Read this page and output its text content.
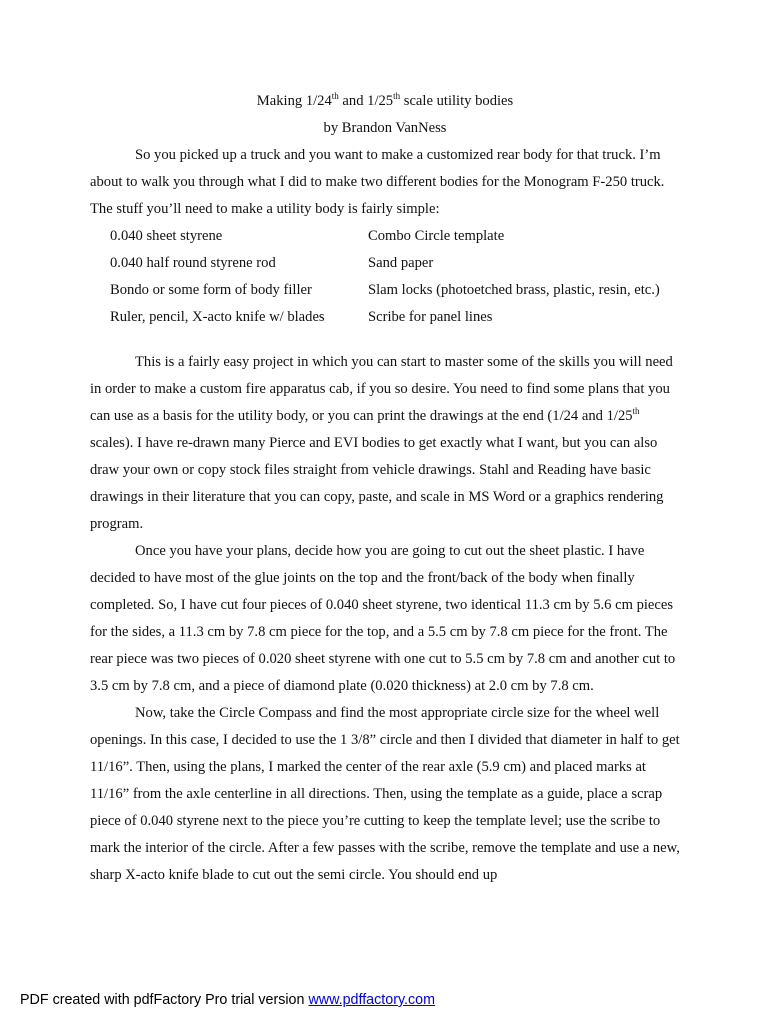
Making 1/24th and 1/25th scale utility bodies

by Brandon VanNess

So you picked up a truck and you want to make a customized rear body for that truck. I’m about to walk you through what I did to make two different bodies for the Monogram F-250 truck. The stuff you’ll need to make a utility body is fairly simple:

0.040 sheet styrene	Combo Circle template
0.040 half round styrene rod	Sand paper
Bondo or some form of body filler	Slam locks (photoetched brass, plastic, resin, etc.)
Ruler, pencil, X-acto knife w/ blades	Scribe for panel lines

This is a fairly easy project in which you can start to master some of the skills you will need in order to make a custom fire apparatus cab, if you so desire. You need to find some plans that you can use as a basis for the utility body, or you can print the drawings at the end (1/24 and 1/25th scales). I have re-drawn many Pierce and EVI bodies to get exactly what I want, but you can also draw your own or copy stock files straight from vehicle drawings. Stahl and Reading have basic drawings in their literature that you can copy, paste, and scale in MS Word or a graphics rendering program.

Once you have your plans, decide how you are going to cut out the sheet plastic. I have decided to have most of the glue joints on the top and the front/back of the body when finally completed. So, I have cut four pieces of 0.040 sheet styrene, two identical 11.3 cm by 5.6 cm pieces for the sides, a 11.3 cm by 7.8 cm piece for the top, and a 5.5 cm by 7.8 cm piece for the front. The rear piece was two pieces of 0.020 sheet styrene with one cut to 5.5 cm by 7.8 cm and another cut to 3.5 cm by 7.8 cm, and a piece of diamond plate (0.020 thickness) at 2.0 cm by 7.8 cm.

Now, take the Circle Compass and find the most appropriate circle size for the wheel well openings. In this case, I decided to use the 1 3/8” circle and then I divided that diameter in half to get 11/16”. Then, using the plans, I marked the center of the rear axle (5.9 cm) and placed marks at 11/16” from the axle centerline in all directions. Then, using the template as a guide, place a scrap piece of 0.040 styrene next to the piece you’re cutting to keep the template level; use the scribe to mark the interior of the circle. After a few passes with the scribe, remove the template and use a new, sharp X-acto knife blade to cut out the semi circle. You should end up

PDF created with pdfFactory Pro trial version www.pdffactory.com
